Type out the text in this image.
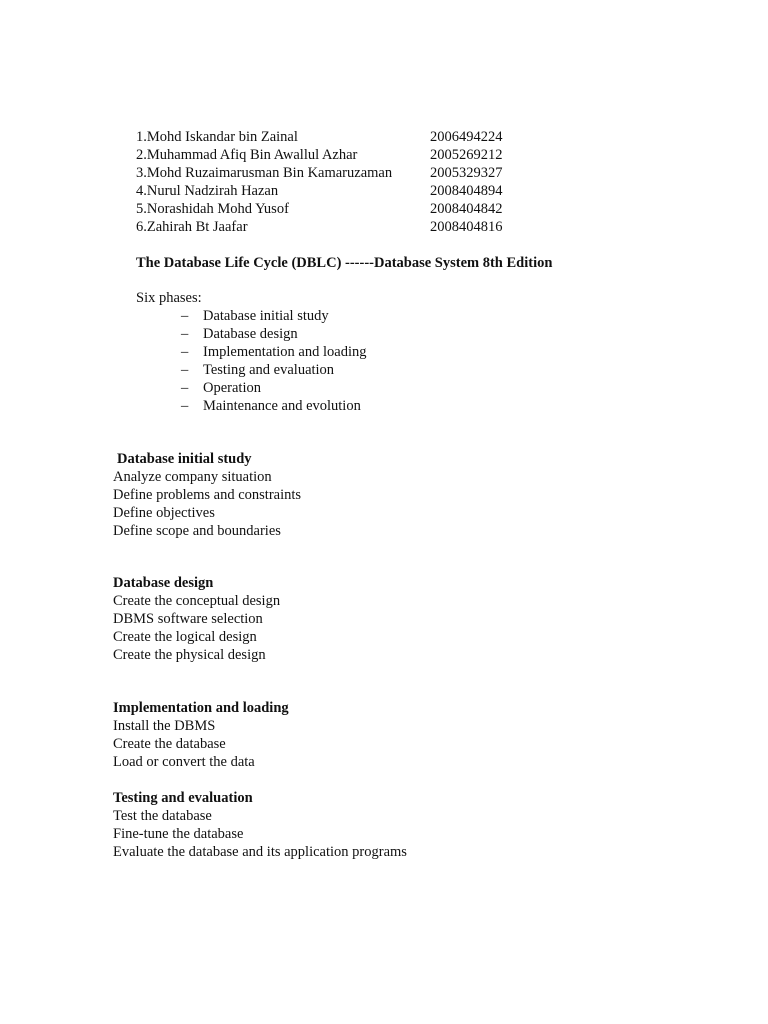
1.Mohd Iskandar bin Zainal	2006494224
2.Muhammad Afiq Bin Awallul Azhar	2005269212
3.Mohd Ruzaimarusman Bin Kamaruzaman	2005329327
4.Nurul Nadzirah Hazan	2008404894
5.Norashidah Mohd Yusof	2008404842
6.Zahirah Bt Jaafar	2008404816
The Database Life Cycle (DBLC) ------Database System 8th Edition
Six phases:
– Database initial study
– Database design
– Implementation and loading
– Testing and evaluation
– Operation
– Maintenance and evolution
Database initial study
Analyze company situation
Define problems and constraints
Define objectives
Define scope and boundaries
Database design
Create the conceptual design
DBMS software selection
Create the logical design
Create the physical design
Implementation and loading
Install the DBMS
Create the database
Load or convert the data
Testing and evaluation
Test the database
Fine-tune the database
Evaluate the database and its application programs
